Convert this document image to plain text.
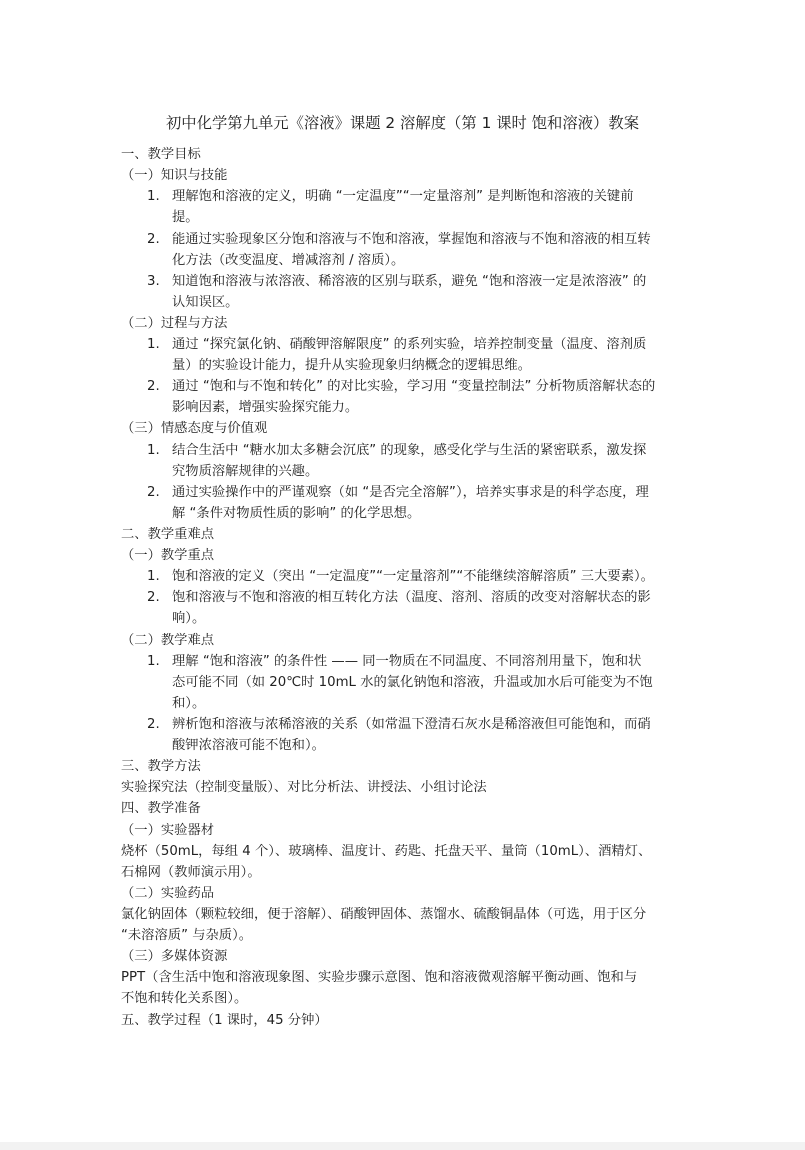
初中化学第九单元《溶液》课题 2 溶解度（第 1 课时 饱和溶液）教案
一、教学目标
（一）知识与技能
1. 理解饱和溶液的定义，明确 “一定温度”“一定量溶剂” 是判断饱和溶液的关键前
提。
2. 能通过实验现象区分饱和溶液与不饱和溶液，掌握饱和溶液与不饱和溶液的相互转
化方法（改变温度、增减溶剂 / 溶质）。
3. 知道饱和溶液与浓溶液、稀溶液的区别与联系，避免 “饱和溶液一定是浓溶液” 的
认知误区。
（二）过程与方法
1. 通过 “探究氯化钠、硝酸钾溶解限度” 的系列实验，培养控制变量（温度、溶剂质
量）的实验设计能力，提升从实验现象归纳概念的逻辑思维。
2. 通过 “饱和与不饱和转化” 的对比实验，学习用 “变量控制法” 分析物质溶解状态的
影响因素，增强实验探究能力。
（三）情感态度与价值观
1. 结合生活中 “糖水加太多糖会沉底” 的现象，感受化学与生活的紧密联系，激发探
究物质溶解规律的兴趣。
2. 通过实验操作中的严谨观察（如 “是否完全溶解”），培养实事求是的科学态度，理
解 “条件对物质性质的影响” 的化学思想。
二、教学重难点
（一）教学重点
1. 饱和溶液的定义（突出 “一定温度”“一定量溶剂”“不能继续溶解溶质” 三大要素）。
2. 饱和溶液与不饱和溶液的相互转化方法（温度、溶剂、溶质的改变对溶解状态的影
响）。
（二）教学难点
1. 理解 “饱和溶液” 的条件性 —— 同一物质在不同温度、不同溶剂用量下，饱和状
态可能不同（如 20℃时 10mL 水的氯化钠饱和溶液，升温或加水后可能变为不饱
和）。
2. 辨析饱和溶液与浓稀溶液的关系（如常温下澄清石灰水是稀溶液但可能饱和，而硝
酸钾浓溶液可能不饱和）。
三、教学方法
实验探究法（控制变量版）、对比分析法、讲授法、小组讨论法
四、教学准备
（一）实验器材
烧杯（50mL，每组 4 个）、玻璃棒、温度计、药匙、托盘天平、量筒（10mL）、酒精灯、
石棉网（教师演示用）。
（二）实验药品
氯化钠固体（颗粒较细，便于溶解）、硝酸钾固体、蒸馏水、硫酸铜晶体（可选，用于区分
“未溶溶质” 与杂质）。
（三）多媒体资源
PPT（含生活中饱和溶液现象图、实验步骤示意图、饱和溶液微观溶解平衡动画、饱和与
不饱和转化关系图）。
五、教学过程（1 课时，45 分钟）
